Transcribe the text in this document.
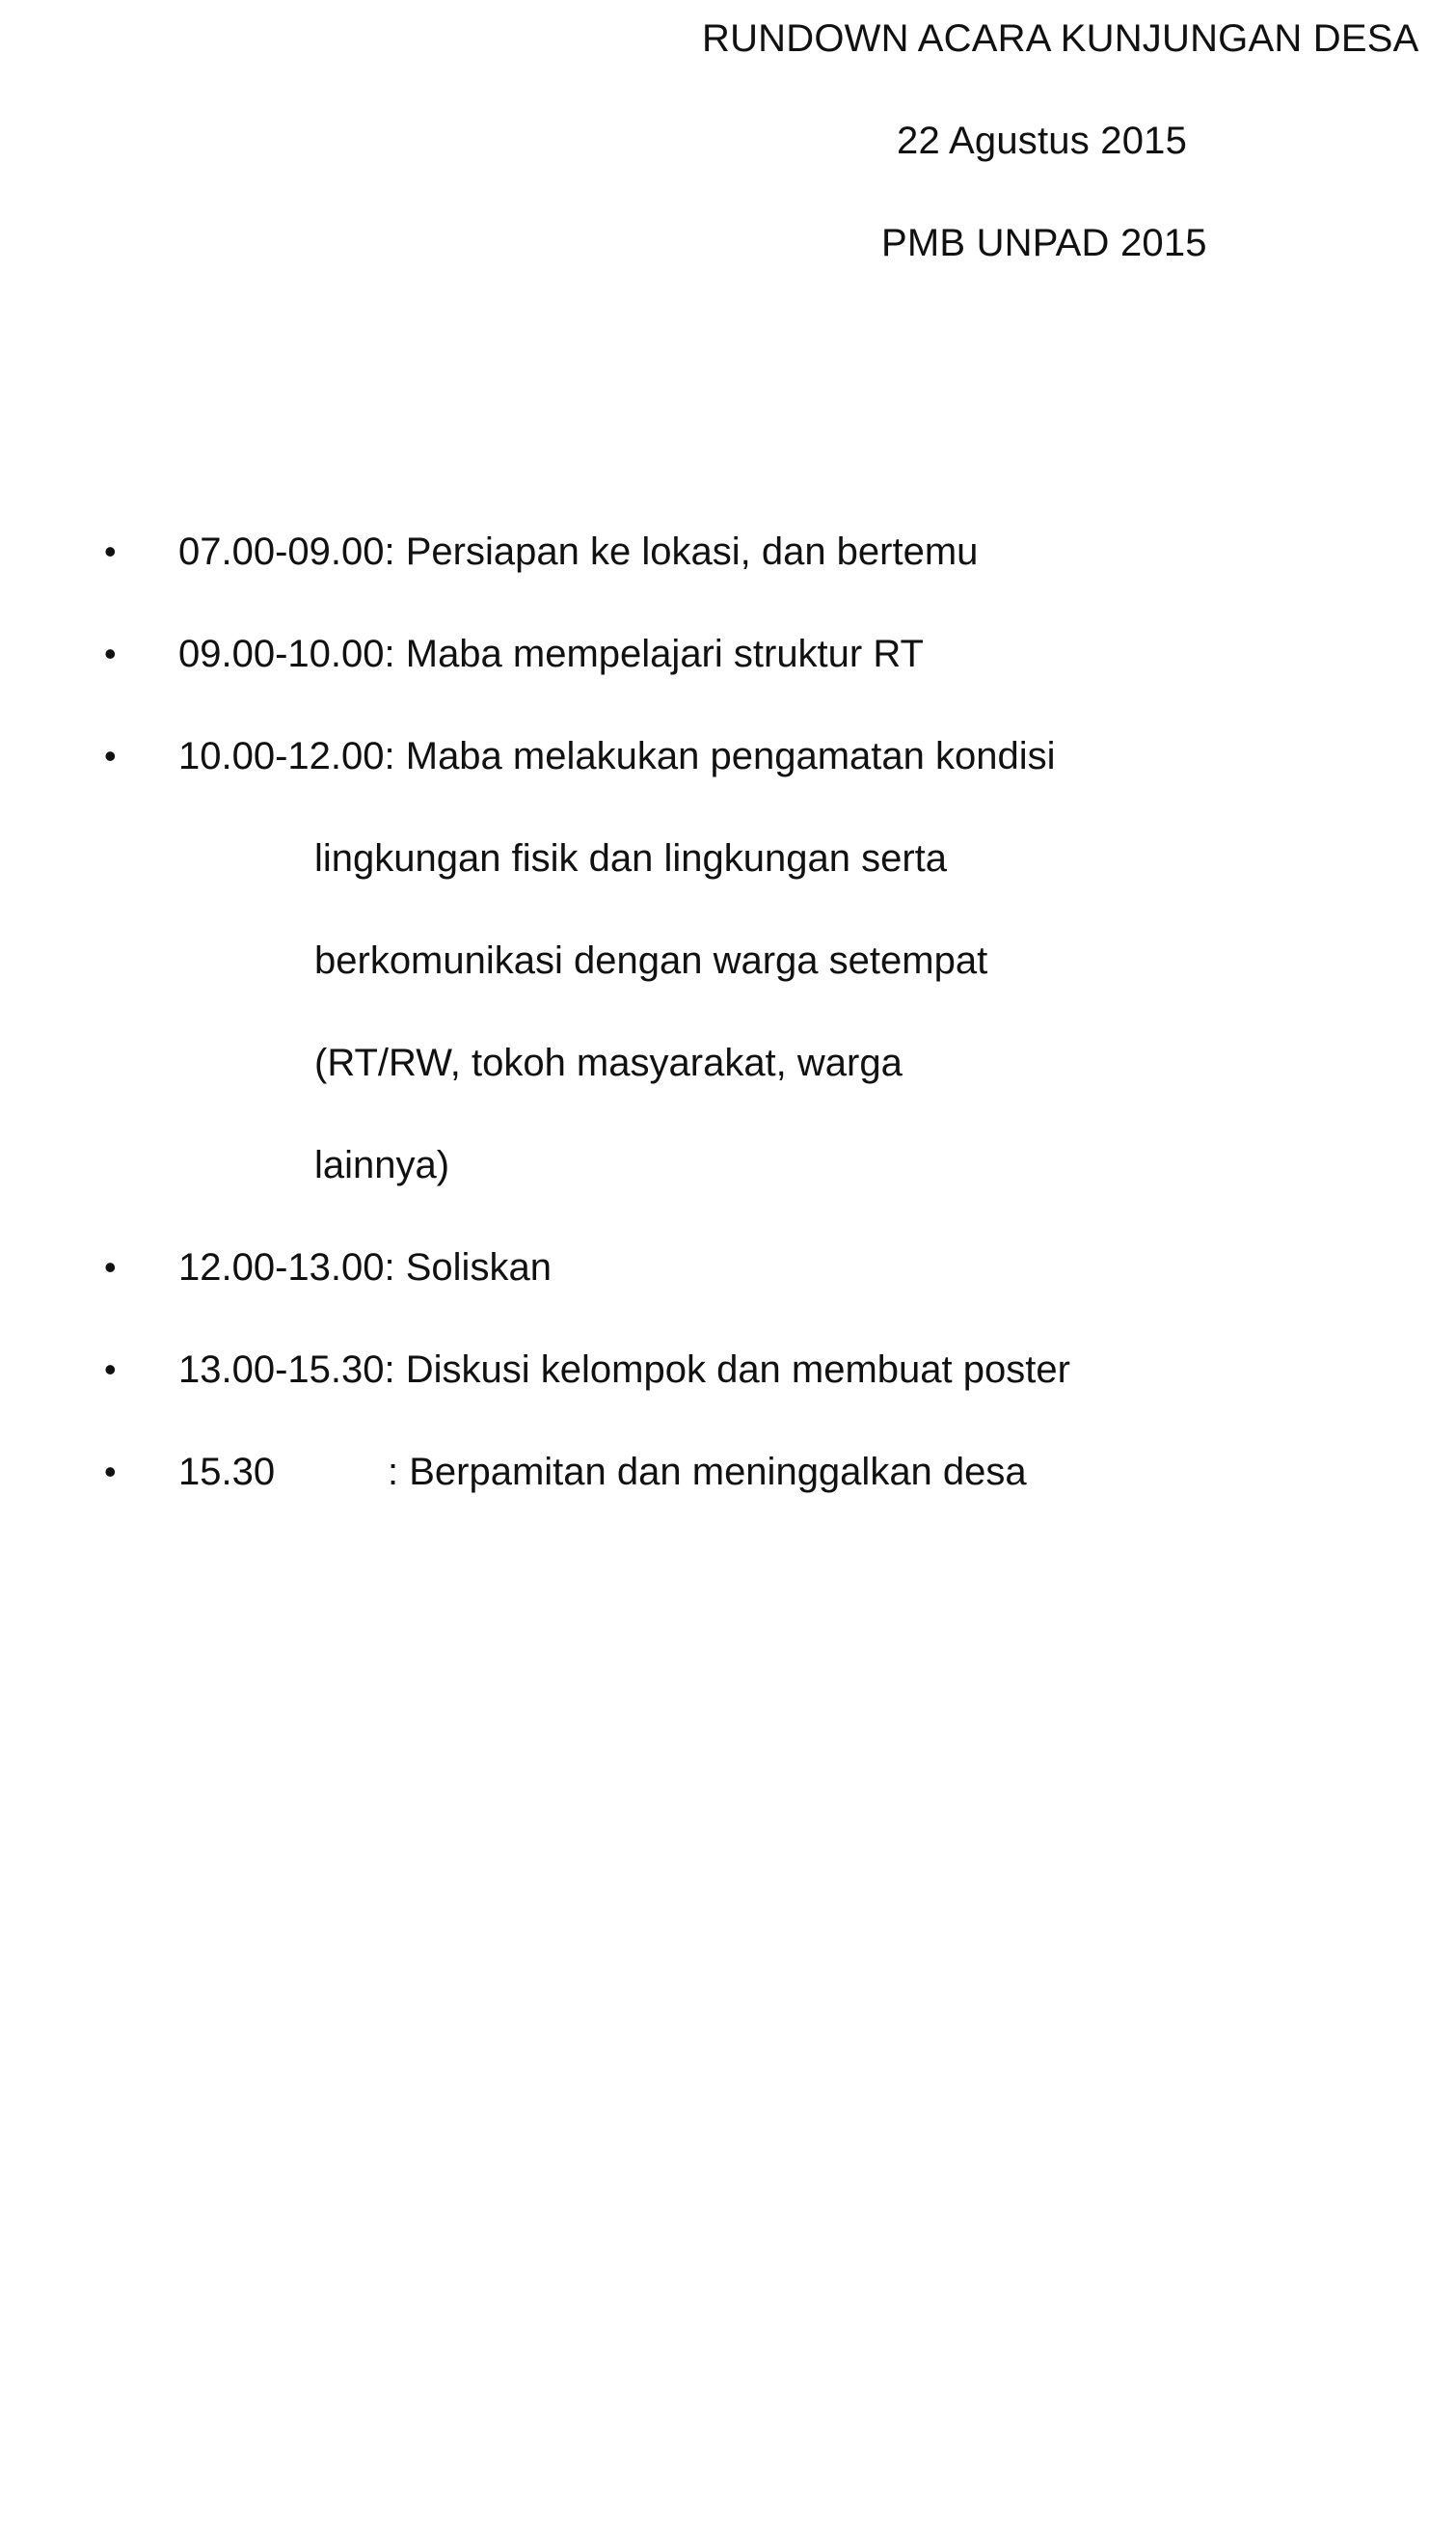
RUNDOWN ACARA KUNJUNGAN DESA
22 Agustus 2015
PMB UNPAD 2015
• 07.00-09.00: Persiapan ke lokasi, dan bertemu
• 09.00-10.00: Maba mempelajari struktur RT
• 10.00-12.00: Maba melakukan pengamatan kondisi
lingkungan fisik dan lingkungan serta
berkomunikasi dengan warga setempat
(RT/RW, tokoh masyarakat, warga
lainnya)
• 12.00-13.00: Soliskan
• 13.00-15.30: Diskusi kelompok dan membuat poster
• 15.30	: Berpamitan dan meninggalkan desa
